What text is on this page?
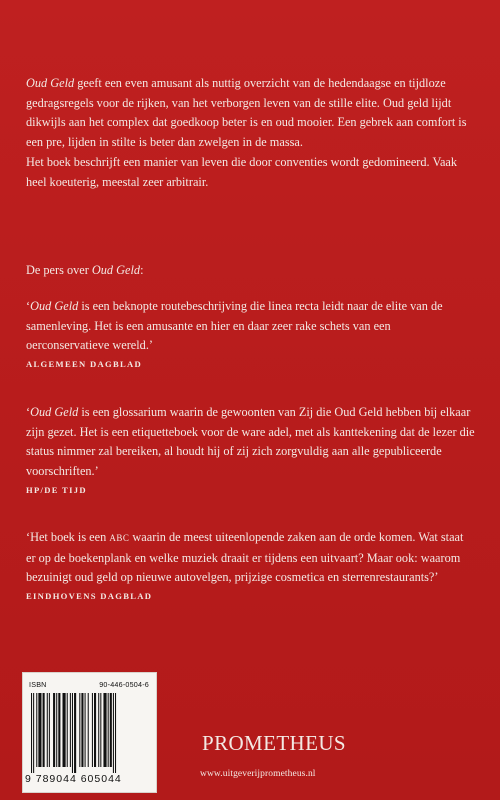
Oud Geld geeft een even amusant als nuttig overzicht van de hedendaagse en tijdloze gedragsregels voor de rijken, van het verborgen leven van de stille elite. Oud geld lijdt dikwijls aan het complex dat goedkoop beter is en oud mooier. Een gebrek aan comfort is een pre, lijden in stilte is beter dan zwelgen in de massa.

Het boek beschrijft een manier van leven die door conventies wordt gedomineerd. Vaak heel koeuterig, meestal zeer arbitrair.

De pers over Oud Geld:

‘Oud Geld is een beknopte routebeschrijving die linea recta leidt naar de elite van de samenleving. Het is een amusante en hier en daar zeer rake schets van een oerconservatieve wereld.’

ALGEMEEN DAGBLAD

‘Oud Geld is een glossarium waarin de gewoonten van Zij die Oud Geld hebben bij elkaar zijn gezet. Het is een etiquetteboek voor de ware adel, met als kanttekening dat de lezer die status nimmer zal bereiken, al houdt hij of zij zich zorgvuldig aan alle gepubliceerde voorschriften.’

HP/DE TIJD

‘Het boek is een ABC waarin de meest uiteenlopende zaken aan de orde komen. Wat staat er op de boekenplank en welke muziek draait er tijdens een uitvaart? Maar ook: waarom bezuinigt oud geld op nieuwe autovelgen, prijzige cosmetica en sterrenrestaurants?’

EINDHOVENS DAGBLAD
ISBN	90-446-0504-6
9 789044 605044
PROMETHEUS
www.uitgeverijprometheus.nl
